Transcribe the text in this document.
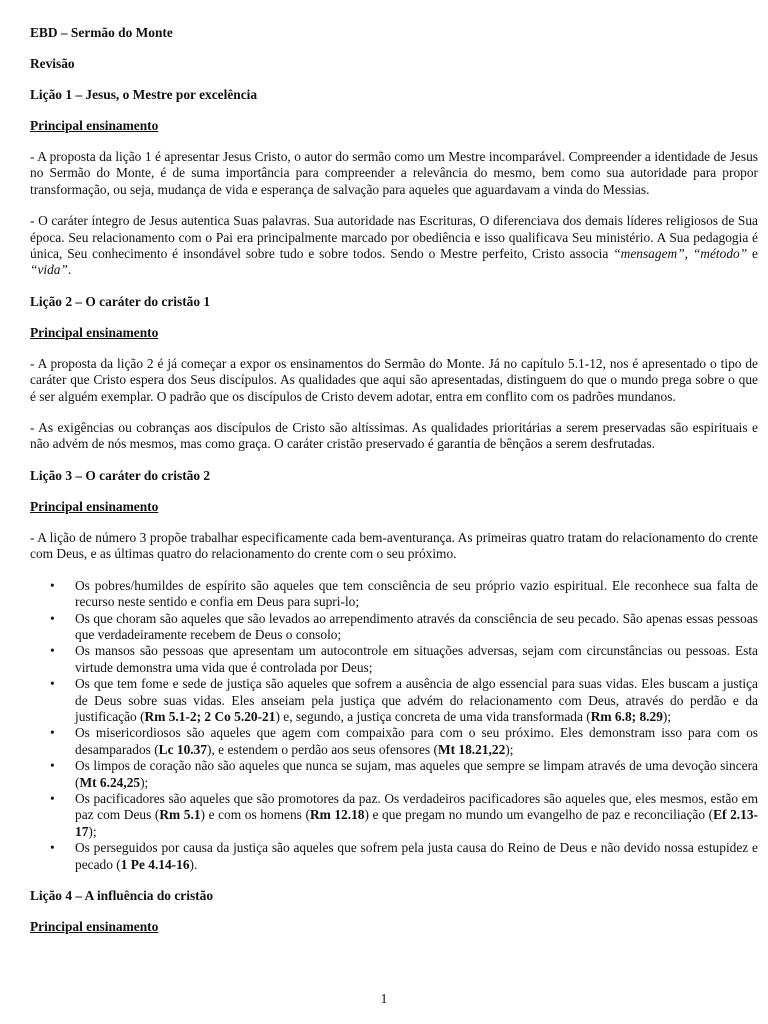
EBD – Sermão do Monte

Revisão

Lição 1 – Jesus, o Mestre por excelência

Principal ensinamento

- A proposta da lição 1 é apresentar Jesus Cristo, o autor do sermão como um Mestre incomparável. Compreender a identidade de Jesus no Sermão do Monte, é de suma importância para compreender a relevância do mesmo, bem como sua autoridade para propor transformação, ou seja, mudança de vida e esperança de salvação para aqueles que aguardavam a vinda do Messias.

- O caráter íntegro de Jesus autentica Suas palavras. Sua autoridade nas Escrituras, O diferenciava dos demais líderes religiosos de Sua época. Seu relacionamento com o Pai era principalmente marcado por obediência e isso qualificava Seu ministério. A Sua pedagogia é única, Seu conhecimento é insondável sobre tudo e sobre todos. Sendo o Mestre perfeito, Cristo associa “mensagem”, “método” e “vida”.

Lição 2 – O caráter do cristão 1

Principal ensinamento

- A proposta da lição 2 é já começar a expor os ensinamentos do Sermão do Monte. Já no capítulo 5.1-12, nos é apresentado o tipo de caráter que Cristo espera dos Seus discípulos. As qualidades que aqui são apresentadas, distinguem do que o mundo prega sobre o que é ser alguém exemplar. O padrão que os discípulos de Cristo devem adotar, entra em conflito com os padrões mundanos.

- As exigências ou cobranças aos discípulos de Cristo são altíssimas. As qualidades prioritárias a serem preservadas são espirituais e não advém de nós mesmos, mas como graça. O caráter cristão preservado é garantia de bênçãos a serem desfrutadas.

Lição 3 – O caráter do cristão 2

Principal ensinamento

- A lição de número 3 propõe trabalhar especificamente cada bem-aventurança. As primeiras quatro tratam do relacionamento do crente com Deus, e as últimas quatro do relacionamento do crente com o seu próximo.

• Os pobres/humildes de espírito são aqueles que tem consciência de seu próprio vazio espiritual. Ele reconhece sua falta de recurso neste sentido e confia em Deus para supri-lo;
• Os que choram são aqueles que são levados ao arrependimento através da consciência de seu pecado. São apenas essas pessoas que verdadeiramente recebem de Deus o consolo;
• Os mansos são pessoas que apresentam um autocontrole em situações adversas, sejam com circunstâncias ou pessoas. Esta virtude demonstra uma vida que é controlada por Deus;
• Os que tem fome e sede de justiça são aqueles que sofrem a ausência de algo essencial para suas vidas. Eles buscam a justiça de Deus sobre suas vidas. Eles anseiam pela justiça que advém do relacionamento com Deus, através do perdão e da justificação (Rm 5.1-2; 2 Co 5.20-21) e, segundo, a justiça concreta de uma vida transformada (Rm 6.8; 8.29);
• Os misericordiosos são aqueles que agem com compaixão para com o seu próximo. Eles demonstram isso para com os desamparados (Lc 10.37), e estendem o perdão aos seus ofensores (Mt 18.21,22);
• Os limpos de coração não são aqueles que nunca se sujam, mas aqueles que sempre se limpam através de uma devoção sincera (Mt 6.24,25);
• Os pacificadores são aqueles que são promotores da paz. Os verdadeiros pacificadores são aqueles que, eles mesmos, estão em paz com Deus (Rm 5.1) e com os homens (Rm 12.18) e que pregam no mundo um evangelho de paz e reconciliação (Ef 2.13-17);
• Os perseguidos por causa da justiça são aqueles que sofrem pela justa causa do Reino de Deus e não devido nossa estupidez e pecado (1 Pe 4.14-16).

Lição 4 – A influência do cristão

Principal ensinamento

1
